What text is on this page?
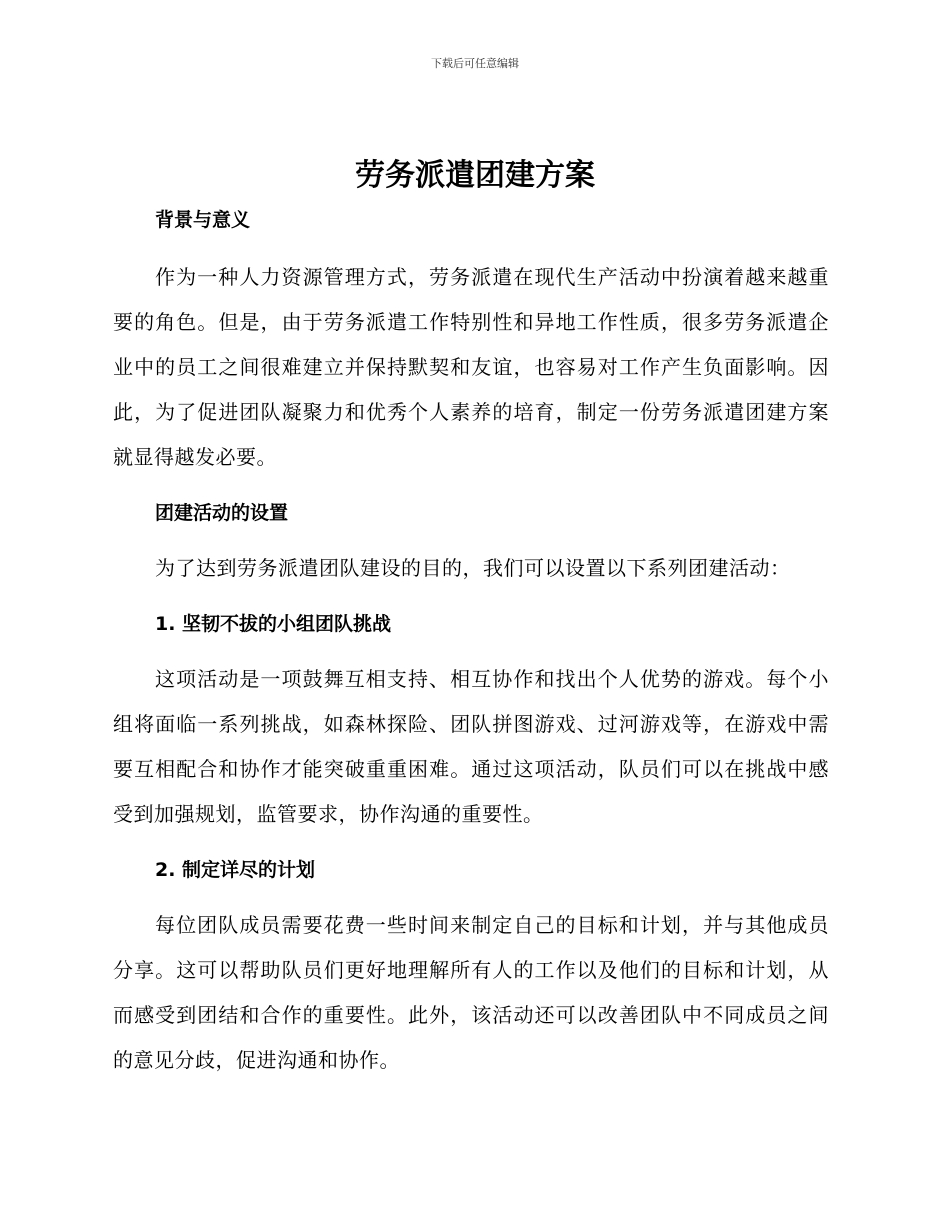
下载后可任意编辑
劳务派遣团建方案

背景与意义

作为一种人力资源管理方式，劳务派遣在现代生产活动中扮演着越来越重要的角色。但是，由于劳务派遣工作特别性和异地工作性质，很多劳务派遣企业中的员工之间很难建立并保持默契和友谊，也容易对工作产生负面影响。因此，为了促进团队凝聚力和优秀个人素养的培育，制定一份劳务派遣团建方案就显得越发必要。

团建活动的设置

为了达到劳务派遣团队建设的目的，我们可以设置以下系列团建活动：

1. 坚韧不拔的小组团队挑战

这项活动是一项鼓舞互相支持、相互协作和找出个人优势的游戏。每个小组将面临一系列挑战，如森林探险、团队拼图游戏、过河游戏等，在游戏中需要互相配合和协作才能突破重重困难。通过这项活动，队员们可以在挑战中感受到加强规划，监管要求，协作沟通的重要性。

2. 制定详尽的计划

每位团队成员需要花费一些时间来制定自己的目标和计划，并与其他成员分享。这可以帮助队员们更好地理解所有人的工作以及他们的目标和计划，从而感受到团结和合作的重要性。此外，该活动还可以改善团队中不同成员之间的意见分歧，促进沟通和协作。
